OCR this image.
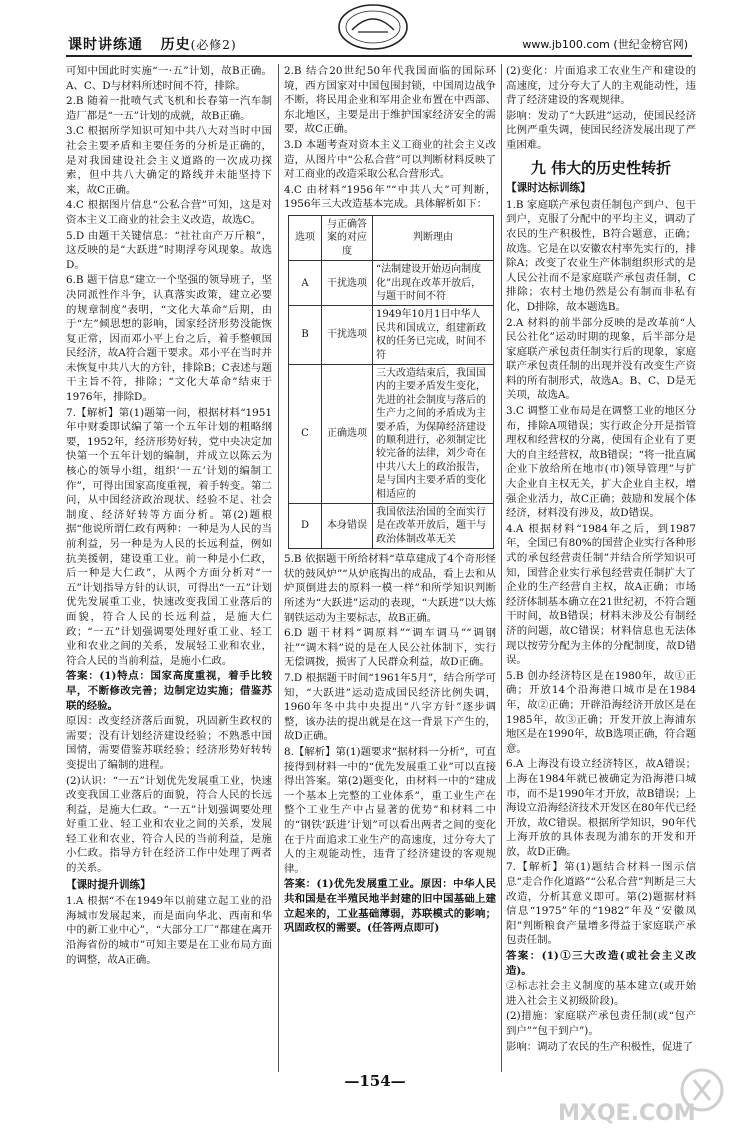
课时讲练通 历史(必修2)	www.jb100.com (世纪金榜官网)
可知中国此时实施“一·五”计划，故B正确。A、C、D与材料所述时间不符，排除。
2.B 随着一批喷气式飞机和长春第一汽车制造厂都是“一五”计划的成就，故B正确。
3.C 根据所学知识可知中共八大对当时中国社会主要矛盾和主要任务的分析是正确的，是对我国建设社会主义道路的一次成功探索，但中共八大确定的路线并未能坚持下来，故C正确。
4.C 根据图片信息“公私合营”可知，这是对资本主义工商业的社会主义改造，故选C。
5.D 由题干关键信息：“社社亩产万斤粮”，这反映的是“大跃进”时期浮夸风现象。故选D。
6.B 题干信息“建立一个坚强的领导班子，坚决同派性作斗争，认真落实政策，建立必要的规章制度”表明，“文化大革命”后期，由于“左”倾思想的影响，国家经济形势没能恢复正常，因而邓小平上台之后，着手整顿国民经济，故A符合题干要求。邓小平在当时并未恢复中共八大的方针，排除B；C表述与题干主旨不符，排除；“文化大革命”结束于1976年，排除D。
7.【解析】第(1)题第一问，根据材料“1951年中财委即试编了第一个五年计划的粗略纲要，1952年，经济形势好转，党中央决定加快第一个五年计划的编制，并成立以陈云为核心的领导小组，组织‘一五’计划的编制工作”，可得出国家高度重视，着手转变。第二问，从中国经济政治现状、经验不足、社会制度、经济好转等方面分析。第(2)题根据“他说所谓仁政有两种：一种是为人民的当前利益，另一种是为人民的长远利益，例如抗美援朝，建设重工业。前一种是小仁政，后一种是大仁政”，从两个方面分析对“一五”计划指导方针的认识，可得出“一五”计划优先发展重工业，快速改变我国工业落后的面貌，符合人民的长远利益，是施大仁政；“一五”计划强调要处理好重工业、轻工业和农业之间的关系，发展轻工业和农业，符合人民的当前利益，是施小仁政。
答案：(1)特点：国家高度重视，着手比较早，不断修改完善；边制定边实施；借鉴苏联的经验。
原因：改变经济落后面貌，巩固新生政权的需要；没有计划经济建设经验；不熟悉中国国情，需要借鉴苏联经验；经济形势好转转变提出了编制的进程。
(2)认识：“一五”计划优先发展重工业，快速改变我国工业落后的面貌，符合人民的长远利益，是施大仁政。“一五”计划强调要处理好重工业、轻工业和农业之间的关系，发展轻工业和农业，符合人民的当前利益，是施小仁政。指导方针在经济工作中处理了两者的关系。
【课时提升训练】
1.A 根据“不在1949年以前建立起工业的沿海城市发展起来，而是面向华北、西南和华中的新工业中心”，“大部分工厂”都建在离开沿海省份的城市”可知主要是在工业布局方面的调整，故A正确。
2.B 结合20世纪50年代我国面临的国际环境，西方国家对中国包围封锁，中国周边战争不断，将民用企业和军用企业布置在中西部、东北地区，主要是出于维护国家经济安全的需要，故C正确。
3.D 本题考查对资本主义工商业的社会主义改造，从图片中“公私合营”可以判断材料反映了对工商业的改造采取公私合营形式。
4.C 由材料“1956年”“中共八大”可判断，1956年三大改造基本完成。具体解析如下：
选项	与正确答案的对应度	判断理由
A	干扰选项	“法制建设开始迈向制度化”出现在改革开放后，与题干时间不符
B	干扰选项	1949年10月1日中华人民共和国成立，组建新政权的任务已完成，时间不符
C	正确选项	三大改造结束后，我国国内的主要矛盾发生变化，先进的社会制度与落后的生产力之间的矛盾成为主要矛盾，为保障经济建设的顺利进行，必须制定比较完备的法律，刘少奇在中共八大上的政治报告，是与国内主要矛盾的变化相适应的
D	本身错误	我国依法治国的全面实行是在改革开放后，题干与政治体制改革无关
5.B 依据题干所给材料“草草建成了4个奇形怪状的鼓风炉”“从炉底掏出的成品，看上去和从炉顶倒进去的原料一模一样”和所学知识判断所述为“大跃进”运动的表现，“大跃进”以大炼钢铁运动为主要标志，故B正确。
6.D 题干材料“调原料”“调车调马”“调钢社”“调木料”说的是在人民公社体制下，实行无偿调拨，损害了人民群众利益，故D正确。
7.D 根据题干时间“1961年5月”，结合所学可知，“大跃进”运动造成国民经济比例失调，1960年冬中共中央提出“八字方针”逐步调整，该办法的提出就是在这一背景下产生的，故D正确。
8.【解析】第(1)题要求“据材料一分析”，可直接得到材料一中的“优先发展重工业”可以直接得出答案。第(2)题变化，由材料一中的“建成一个基本上完整的工业体系”，重工业生产在整个工业生产中占显著的优势”和材料二中的“钢铁‘跃进’计划”可以看出两者之间的变化在于片面追求工业生产的高速度，过分夸大了人的主观能动性，违背了经济建设的客观规律。
答案：(1)优先发展重工业。原因：中华人民共和国是在半殖民地半封建的旧中国基础上建立起来的，工业基础薄弱，苏联模式的影响；巩固政权的需要。(任答两点即可)
(2)变化：片面追求工农业生产和建设的高速度，过分夸大了人的主观能动性，违背了经济建设的客观规律。
影响：发动了“大跃进”运动，使国民经济比例严重失调，使国民经济发展出现了严重困难。
九 伟大的历史性转折
【课时达标训练】
1.B 家庭联产承包责任制包产到户、包干到户，克服了分配中的平均主义，调动了农民的生产积极性，B符合题意，正确；故选。它是在以安徽农村率先实行的，排除A；改变了农业生产体制组织形式的是人民公社而不是家庭联产承包责任制，C排除；农村土地仍然是公有制而非私有化，D排除，故本题选B。
2.A 材料的前半部分反映的是改革前“人民公社化”运动时期的现象，后半部分是家庭联产承包责任制实行后的现象，家庭联产承包责任制的出现并没有改变生产资料的所有制形式，故选A。B、C、D是无关项，故选A。
3.C 调整工业布局是在调整工业的地区分布，排除A项错误；实行政企分开是指管理权和经营权的分离，使国有企业有了更大的自主经营权，故B错误；“将一批直属企业下放给所在地市(市)领导管理”与扩大企业自主权无关，扩大企业自主权，增强企业活力，故C正确；鼓励和发展个体经济，材料没有涉及，故D错误。
4.A 根据材料“1984年之后，到1987年，全国已有80%的国营企业实行各种形式的承包经营责任制”并结合所学知识可知，国营企业实行承包经营责任制扩大了企业的生产经营自主权，故A正确；市场经济体制基本确立在21世纪初，不符合题干时间，故B错误；材料未涉及公有制经济的问题，故C错误；材料信息也无法体现以按劳分配为主体的分配制度，故D错误。
5.B 创办经济特区是在1980年，故①正确；开放14个沿海港口城市是在1984年，故②正确；开辟沿海经济开放区是在1985年，故③正确；开发开放上海浦东地区是在1990年，故B选项正确，符合题意。
6.A 上海没有设立经济特区，故A错误；上海在1984年就已被确定为沿海港口城市，而不是1990年才开放，故B错误；上海设立沿海经济技术开发区在80年代已经开放，故C错误。根据所学知识，90年代上海开放的具体表现为浦东的开发和开放，故D正确。
7.【解析】第(1)题结合材料一图示信息“走合作化道路”“公私合营”判断是三大改造，分析其意义即可。第(2)题据材料信息“1975”年的“1982”年及“安徽凤阳”判断粮食产量增多得益于家庭联产承包责任制。
答案：(1)①三大改造(或社会主义改造)。
②标志社会主义制度的基本建立(或开始进入社会主义初级阶段)。
(2)措施：家庭联产承包责任制(或“包产到户”“包干到户”)。
影响：调动了农民的生产积极性，促进了
—154—
MXQE.COM
